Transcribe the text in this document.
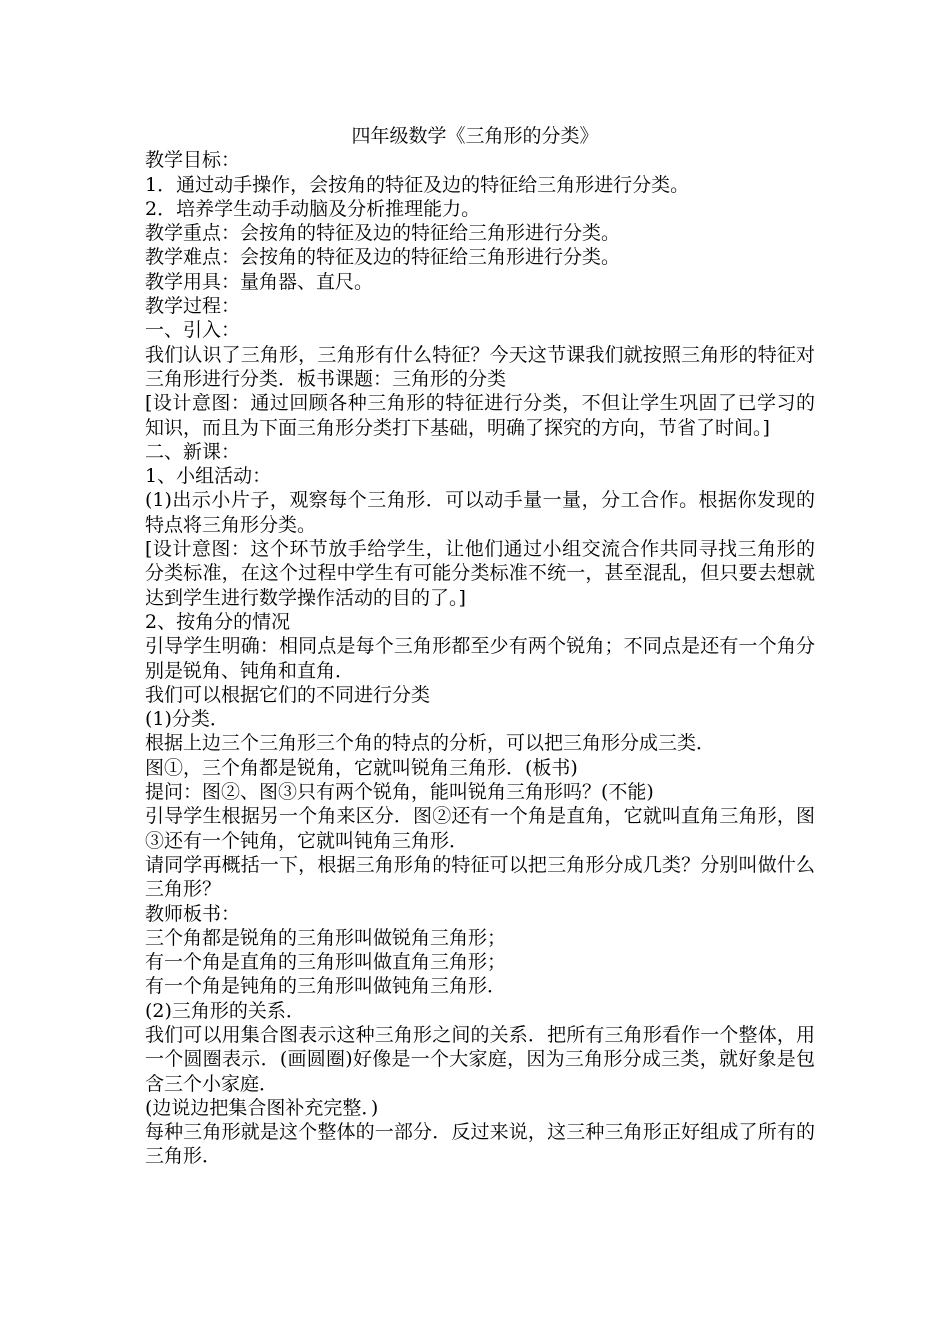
四年级数学《三角形的分类》

教学目标：

1．通过动手操作，会按角的特征及边的特征给三角形进行分类。

2．培养学生动手动脑及分析推理能力。

教学重点：会按角的特征及边的特征给三角形进行分类。

教学难点：会按角的特征及边的特征给三角形进行分类。

教学用具：量角器、直尺。

教学过程：

一、引入：

我们认识了三角形，三角形有什么特征？今天这节课我们就按照三角形的特征对三角形进行分类．板书课题：三角形的分类

[设计意图：通过回顾各种三角形的特征进行分类，不但让学生巩固了已学习的知识，而且为下面三角形分类打下基础，明确了探究的方向，节省了时间。]

二、新课：

1、小组活动：

(1)出示小片子，观察每个三角形．可以动手量一量，分工合作。根据你发现的特点将三角形分类。

[设计意图：这个环节放手给学生，让他们通过小组交流合作共同寻找三角形的分类标准，在这个过程中学生有可能分类标准不统一，甚至混乱，但只要去想就达到学生进行数学操作活动的目的了。]

2、按角分的情况

引导学生明确：相同点是每个三角形都至少有两个锐角；不同点是还有一个角分别是锐角、钝角和直角．

我们可以根据它们的不同进行分类

(1)分类．

根据上边三个三角形三个角的特点的分析，可以把三角形分成三类．

图①，三个角都是锐角，它就叫锐角三角形．(板书)

提问：图②、图③只有两个锐角，能叫锐角三角形吗？(不能)

引导学生根据另一个角来区分．图②还有一个角是直角，它就叫直角三角形，图③还有一个钝角，它就叫钝角三角形．

请同学再概括一下，根据三角形角的特征可以把三角形分成几类？分别叫做什么三角形？

教师板书：

三个角都是锐角的三角形叫做锐角三角形；

有一个角是直角的三角形叫做直角三角形；

有一个角是钝角的三角形叫做钝角三角形．

(2)三角形的关系．

我们可以用集合图表示这种三角形之间的关系．把所有三角形看作一个整体，用一个圆圈表示．(画圆圈)好像是一个大家庭，因为三角形分成三类，就好象是包含三个小家庭．

(边说边把集合图补充完整．)

每种三角形就是这个整体的一部分．反过来说，这三种三角形正好组成了所有的三角形．
